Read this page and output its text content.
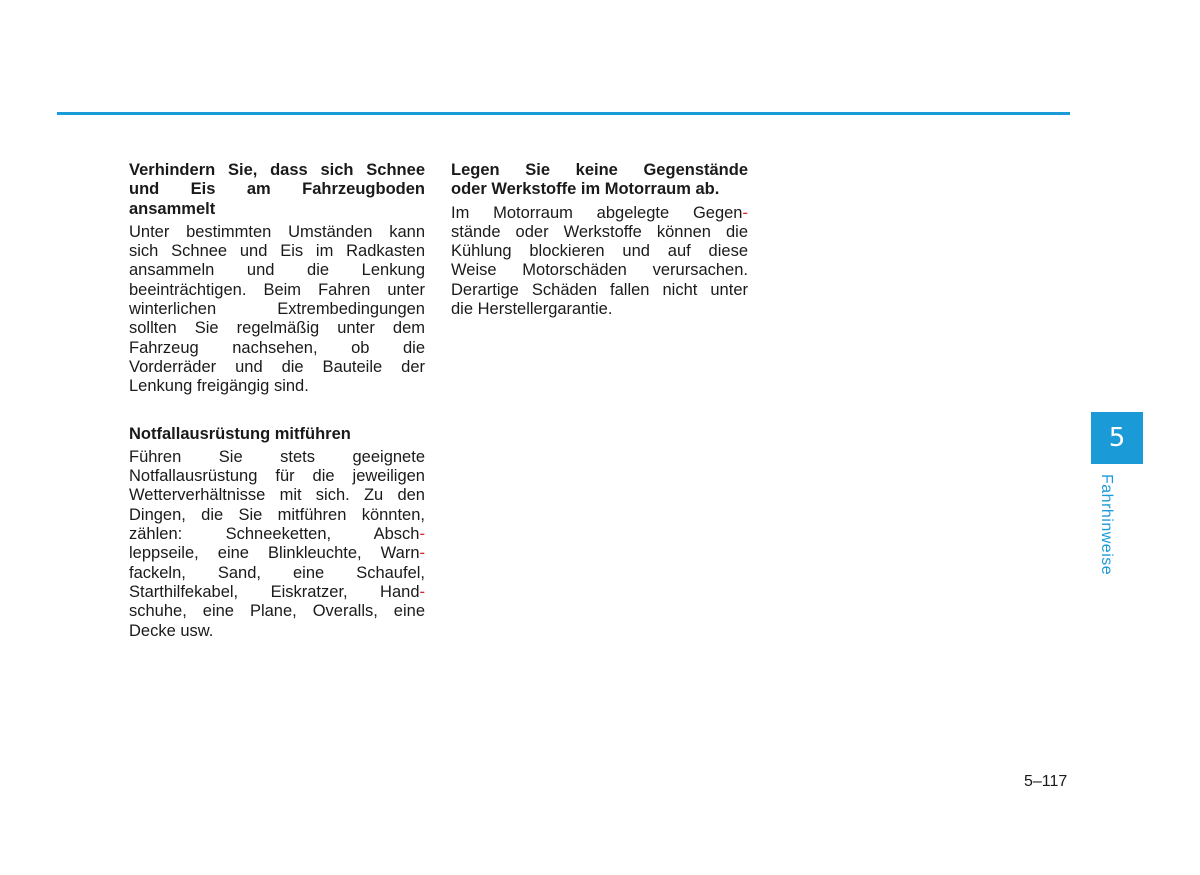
Verhindern Sie, dass sich Schnee
und Eis am Fahrzeugboden
ansammelt
Unter bestimmten Umständen kann
sich Schnee und Eis im Radkasten
ansammeln und die Lenkung
beeinträchtigen. Beim Fahren unter
winterlichen Extrembedingungen
sollten Sie regelmäßig unter dem
Fahrzeug nachsehen, ob die
Vorderräder und die Bauteile der
Lenkung freigängig sind.
Notfallausrüstung mitführen
Führen Sie stets geeignete
Notfallausrüstung für die jeweiligen
Wetterverhältnisse mit sich. Zu den
Dingen, die Sie mitführen könnten,
zählen: Schneeketten, Absch-
leppseile, eine Blinkleuchte, Warn-
fackeln, Sand, eine Schaufel,
Starthilfekabel, Eiskratzer, Hand-
schuhe, eine Plane, Overalls, eine
Decke usw.
Legen Sie keine Gegenstände
oder Werkstoffe im Motorraum ab.
Im Motorraum abgelegte Gegen-
stände oder Werkstoffe können die
Kühlung blockieren und auf diese
Weise Motorschäden verursachen.
Derartige Schäden fallen nicht unter
die Herstellergarantie.
5
Fahrhinweise
5–117
